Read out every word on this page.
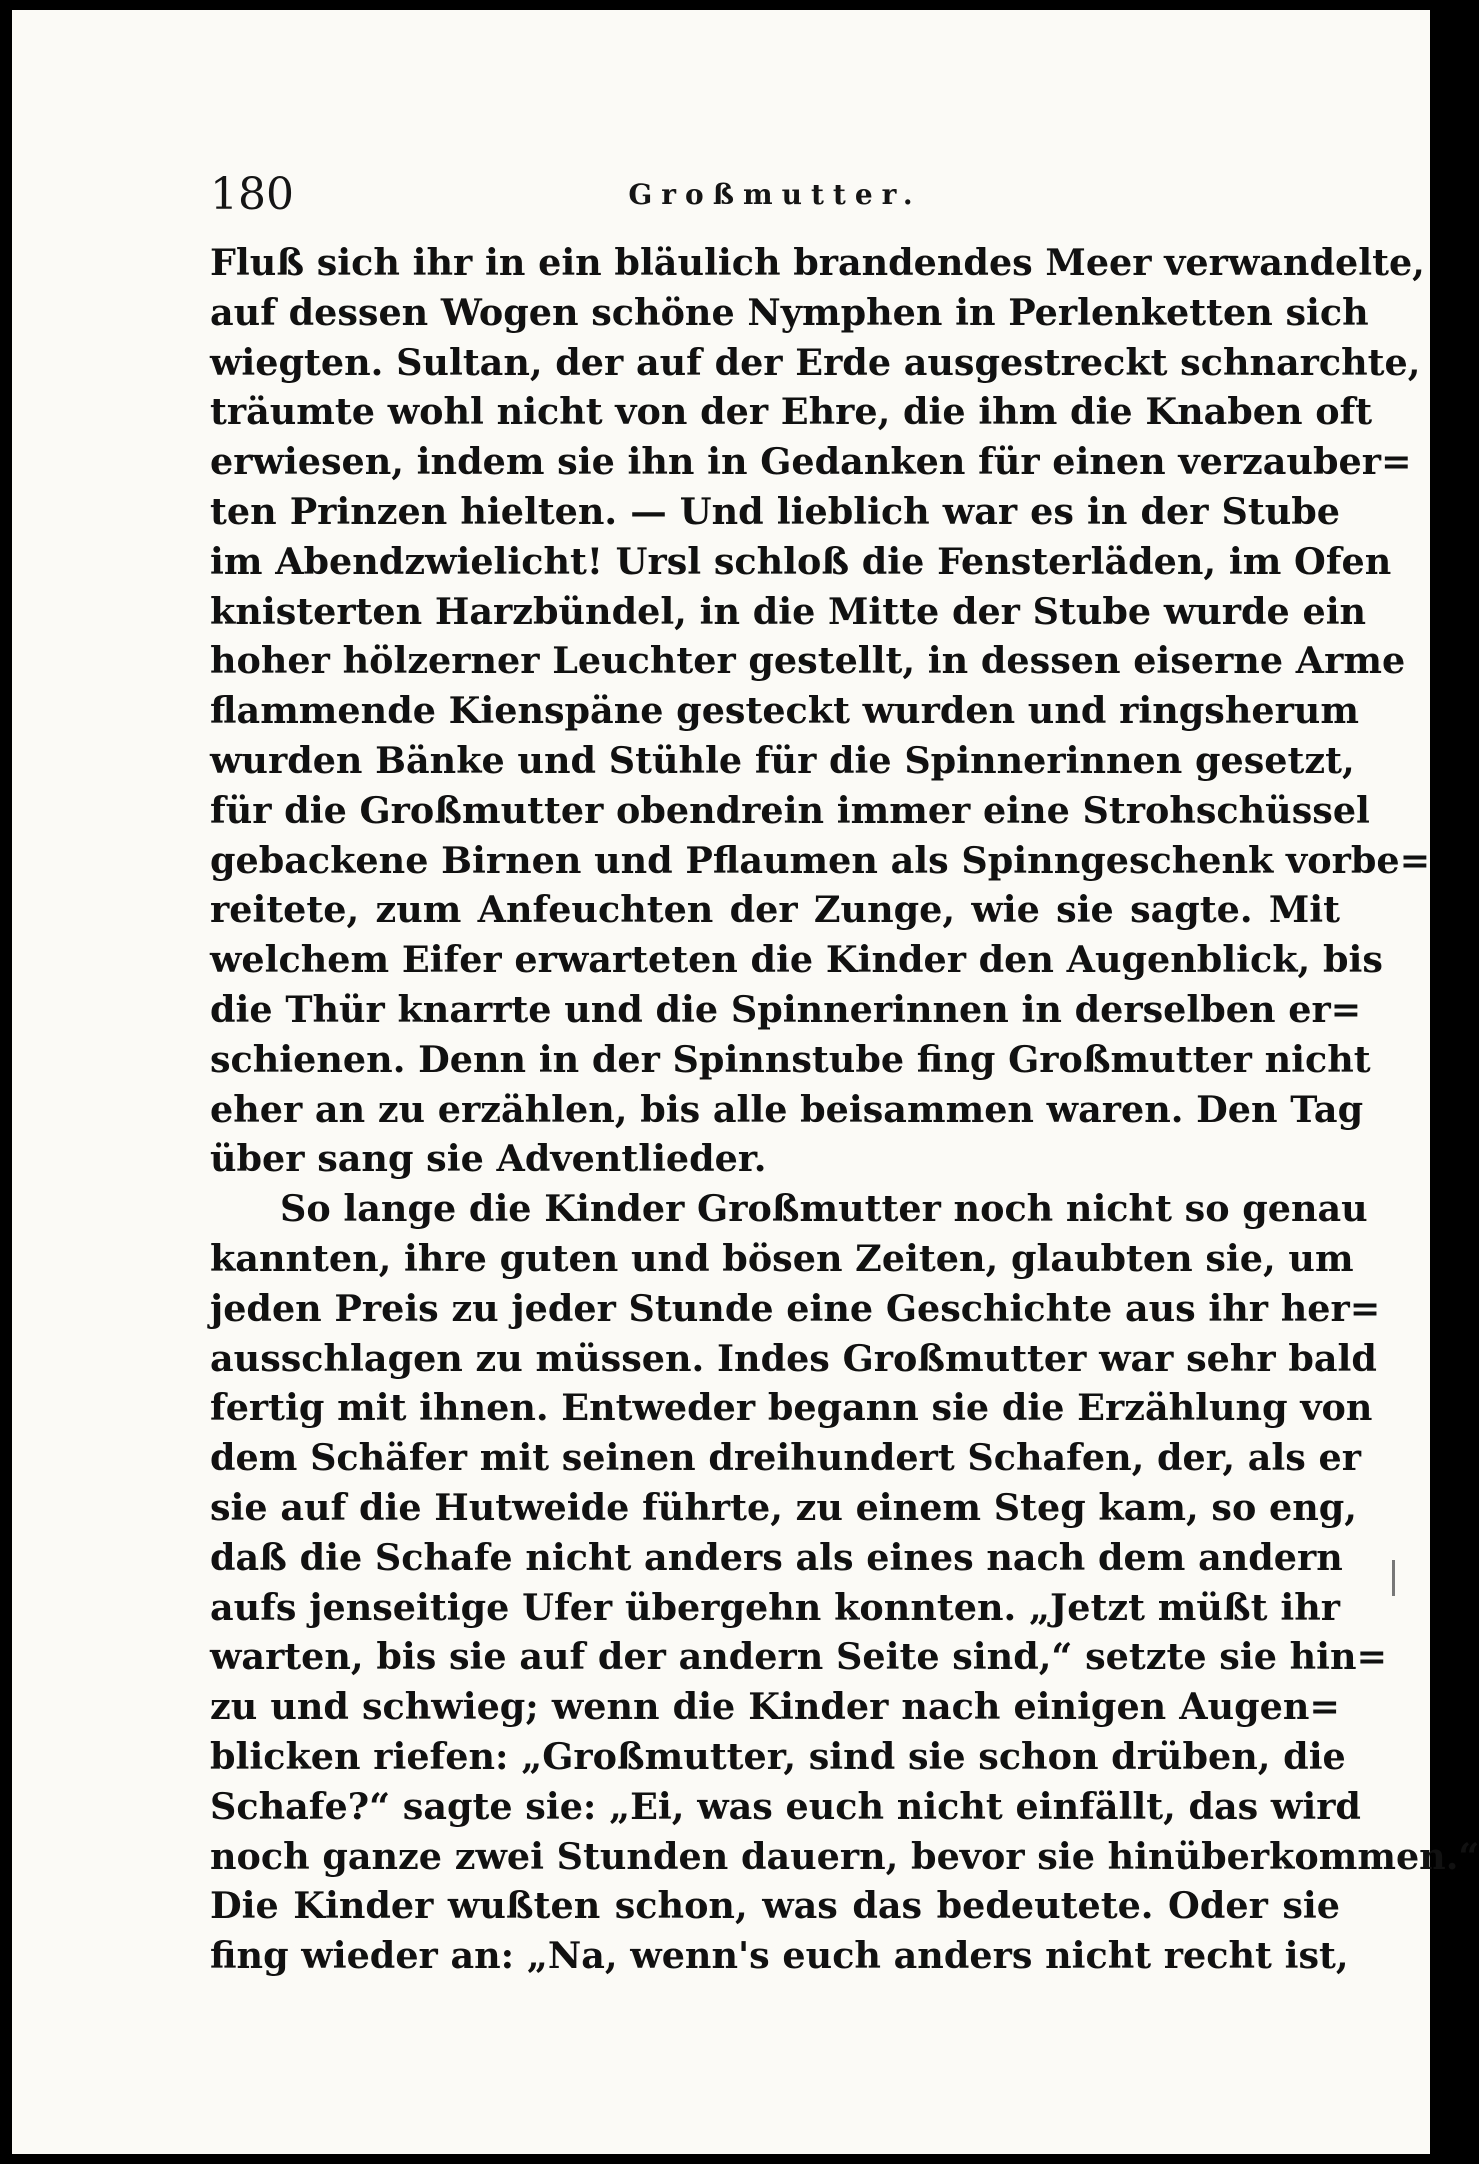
180	Großmutter.
Fluß sich ihr in ein bläulich brandendes Meer verwandelte,
auf dessen Wogen schöne Nymphen in Perlenketten sich
wiegten. Sultan, der auf der Erde ausgestreckt schnarchte,
träumte wohl nicht von der Ehre, die ihm die Knaben oft
erwiesen, indem sie ihn in Gedanken für einen verzauber=
ten Prinzen hielten. — Und lieblich war es in der Stube
im Abendzwielicht! Ursl schloß die Fensterläden, im Ofen
knisterten Harzbündel, in die Mitte der Stube wurde ein
hoher hölzerner Leuchter gestellt, in dessen eiserne Arme
flammende Kienspäne gesteckt wurden und ringsherum
wurden Bänke und Stühle für die Spinnerinnen gesetzt,
für die Großmutter obendrein immer eine Strohschüssel
gebackene Birnen und Pflaumen als Spinngeschenk vorbe=
reitete, zum Anfeuchten der Zunge, wie sie sagte. Mit
welchem Eifer erwarteten die Kinder den Augenblick, bis
die Thür knarrte und die Spinnerinnen in derselben er=
schienen. Denn in der Spinnstube fing Großmutter nicht
eher an zu erzählen, bis alle beisammen waren. Den Tag
über sang sie Adventlieder.
So lange die Kinder Großmutter noch nicht so genau
kannten, ihre guten und bösen Zeiten, glaubten sie, um
jeden Preis zu jeder Stunde eine Geschichte aus ihr her=
ausschlagen zu müssen. Indes Großmutter war sehr bald
fertig mit ihnen. Entweder begann sie die Erzählung von
dem Schäfer mit seinen dreihundert Schafen, der, als er
sie auf die Hutweide führte, zu einem Steg kam, so eng,
daß die Schafe nicht anders als eines nach dem andern
aufs jenseitige Ufer übergehn konnten. „Jetzt müßt ihr
warten, bis sie auf der andern Seite sind,“ setzte sie hin=
zu und schwieg; wenn die Kinder nach einigen Augen=
blicken riefen: „Großmutter, sind sie schon drüben, die
Schafe?“ sagte sie: „Ei, was euch nicht einfällt, das wird
noch ganze zwei Stunden dauern, bevor sie hinüberkommen.“
Die Kinder wußten schon, was das bedeutete. Oder sie
fing wieder an: „Na, wenn's euch anders nicht recht ist,
